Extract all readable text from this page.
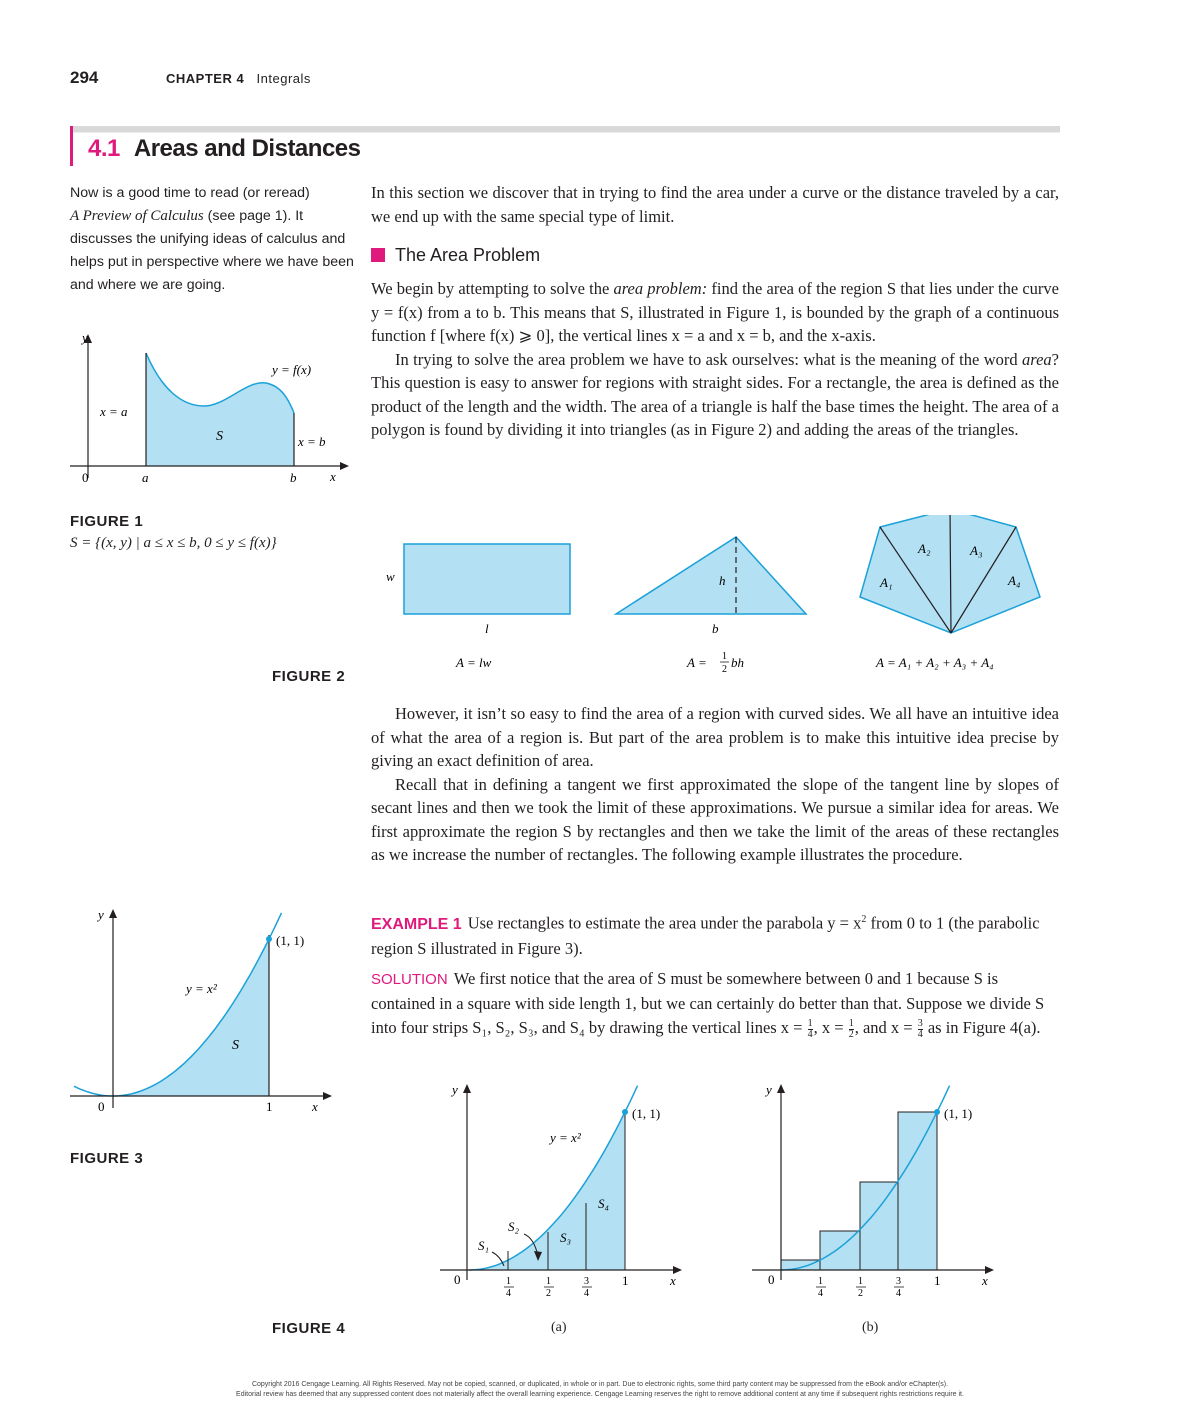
294	CHAPTER 4 Integrals
4.1 Areas and Distances
Now is a good time to read (or reread)
A Preview of Calculus (see page 1). It discusses the unifying ideas of calculus and helps put in perspective where we have been and where we are going.
In this section we discover that in trying to find the area under a curve or the distance traveled by a car, we end up with the same special type of limit.
The Area Problem

We begin by attempting to solve the area problem: find the area of the region S that lies under the curve y = f(x) from a to b. This means that S, illustrated in Figure 1, is bounded by the graph of a continuous function f [where f(x) ⩾ 0], the vertical lines x = a and x = b, and the x-axis.

In trying to solve the area problem we have to ask ourselves: what is the meaning of the word area? This question is easy to answer for regions with straight sides. For a rectangle, the area is defined as the product of the length and the width. The area of a triangle is half the base times the height. The area of a polygon is found by dividing it into triangles (as in Figure 2) and adding the areas of the triangles.

y
x
0	a	b
y = f(x)
x = a
x = b
S
FIGURE 1
S = {(x, y) | a ≤ x ≤ b, 0 ≤ y ≤ f(x)}
w
l
A = lw
h
b
A = 1
2 bh
A₁
A₂	A₃
A₄
A = A₁ + A₂ + A₃ + A₄
FIGURE 2

However, it isn’t so easy to find the area of a region with curved sides. We all have an intuitive idea of what the area of a region is. But part of the area problem is to make this intuitive idea precise by giving an exact definition of area.

Recall that in defining a tangent we first approximated the slope of the tangent line by slopes of secant lines and then we took the limit of these approximations. We pursue a similar idea for areas. We first approximate the region S by rectangles and then we take the limit of the areas of these rectangles as we increase the number of rectangles. The following example illustrates the procedure.

y
x
0	1
(1, 1)
y = x²
S
FIGURE 3
EXAMPLE 1 Use rectangles to estimate the area under the parabola $y = x^2$ from 0 to 1 (the parabolic region S illustrated in Figure 3).
SOLUTION We first notice that the area of S must be somewhere between 0 and 1 because S is contained in a square with side length 1, but we can certainly do better than that. Suppose we divide S into four strips S₁, S₂, S₃, and S₄ by drawing the vertical lines $x = \frac{1}{4}$ , $x = \frac{1}{2}$ , and $x = \frac{3}{4}$ as in Figure 4(a).
y
x
0
(1, 1)
y = x²
S₁
S₂
S₃
S₄
1
4
1
2
3
4
1
y
x
0
(1, 1)
1
4
1
2
3
4
1
FIGURE 4	(a)	(b)
Copyright 2016 Cengage Learning. All Rights Reserved. May not be copied, scanned, or duplicated, in whole or in part. Due to electronic rights, some third party content may be suppressed from the eBook and/or eChapter(s).
Editorial review has deemed that any suppressed content does not materially affect the overall learning experience. Cengage Learning reserves the right to remove additional content at any time if subsequent rights restrictions require it.
